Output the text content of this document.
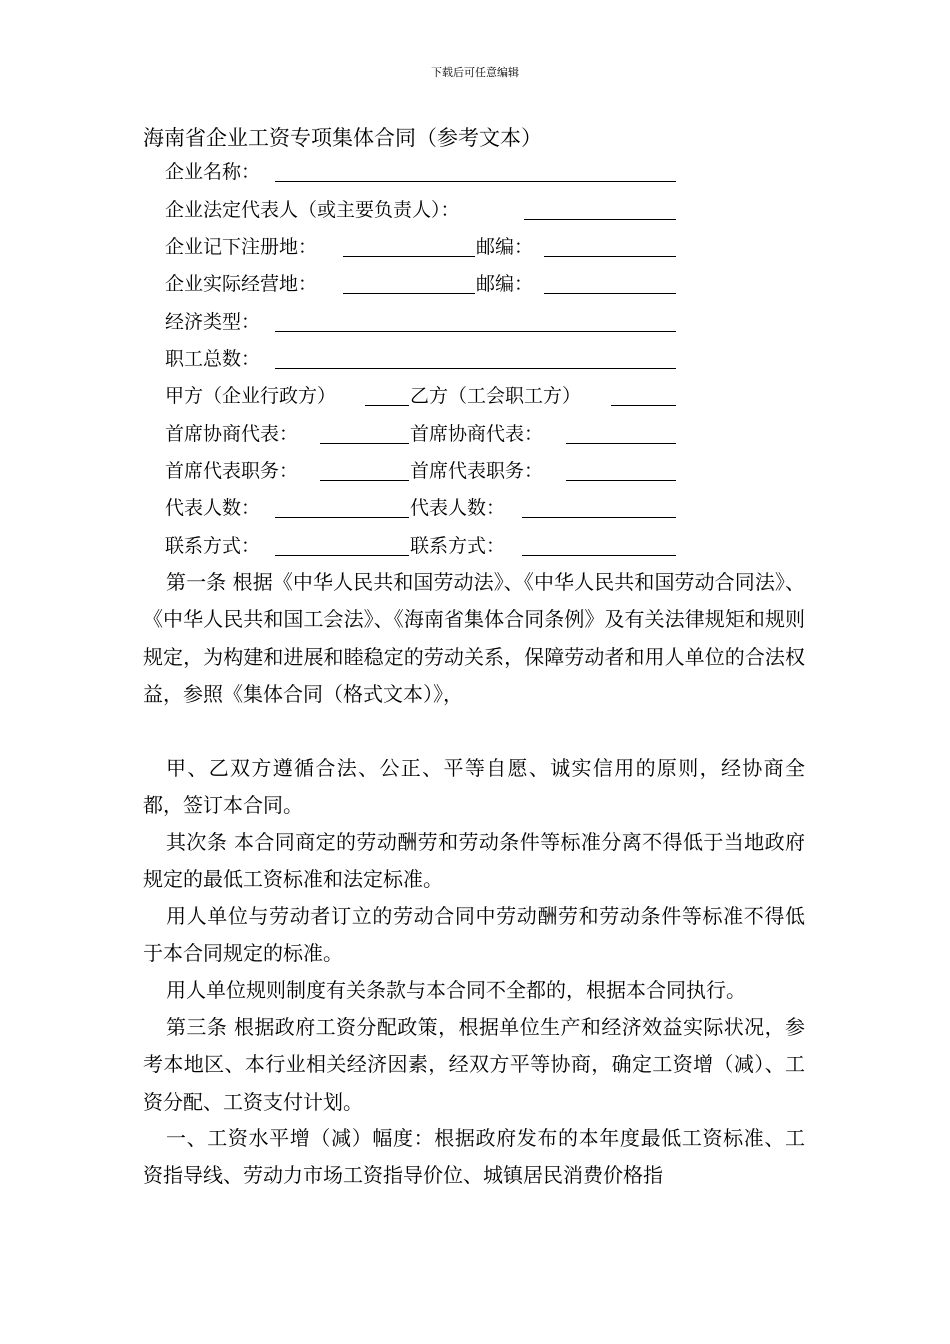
下载后可任意编辑
海南省企业工资专项集体合同（参考文本）
企业名称：
企业法定代表人（或主要负责人）：
企业记下注册地：	邮编：
企业实际经营地：	邮编：
经济类型：
职工总数：
甲方（企业行政方）	乙方（工会职工方）
首席协商代表：	首席协商代表：
首席代表职务：	首席代表职务：
代表人数：	代表人数：
联系方式：	联系方式：
第一条 根据《中华人民共和国劳动法》、《中华人民共和国劳动合同法》、《中华人民共和国工会法》、《海南省集体合同条例》及有关法律规矩和规则规定，为构建和进展和睦稳定的劳动关系，保障劳动者和用人单位的合法权益，参照《集体合同（格式文本）》，
甲、乙双方遵循合法、公正、平等自愿、诚实信用的原则，经协商全都，签订本合同。
其次条 本合同商定的劳动酬劳和劳动条件等标准分离不得低于当地政府规定的最低工资标准和法定标准。
用人单位与劳动者订立的劳动合同中劳动酬劳和劳动条件等标准不得低于本合同规定的标准。
用人单位规则制度有关条款与本合同不全都的，根据本合同执行。
第三条 根据政府工资分配政策，根据单位生产和经济效益实际状况，参考本地区、本行业相关经济因素，经双方平等协商，确定工资增（减）、工资分配、工资支付计划。
一、工资水平增（减）幅度：根据政府发布的本年度最低工资标准、工资指导线、劳动力市场工资指导价位、城镇居民消费价格指
